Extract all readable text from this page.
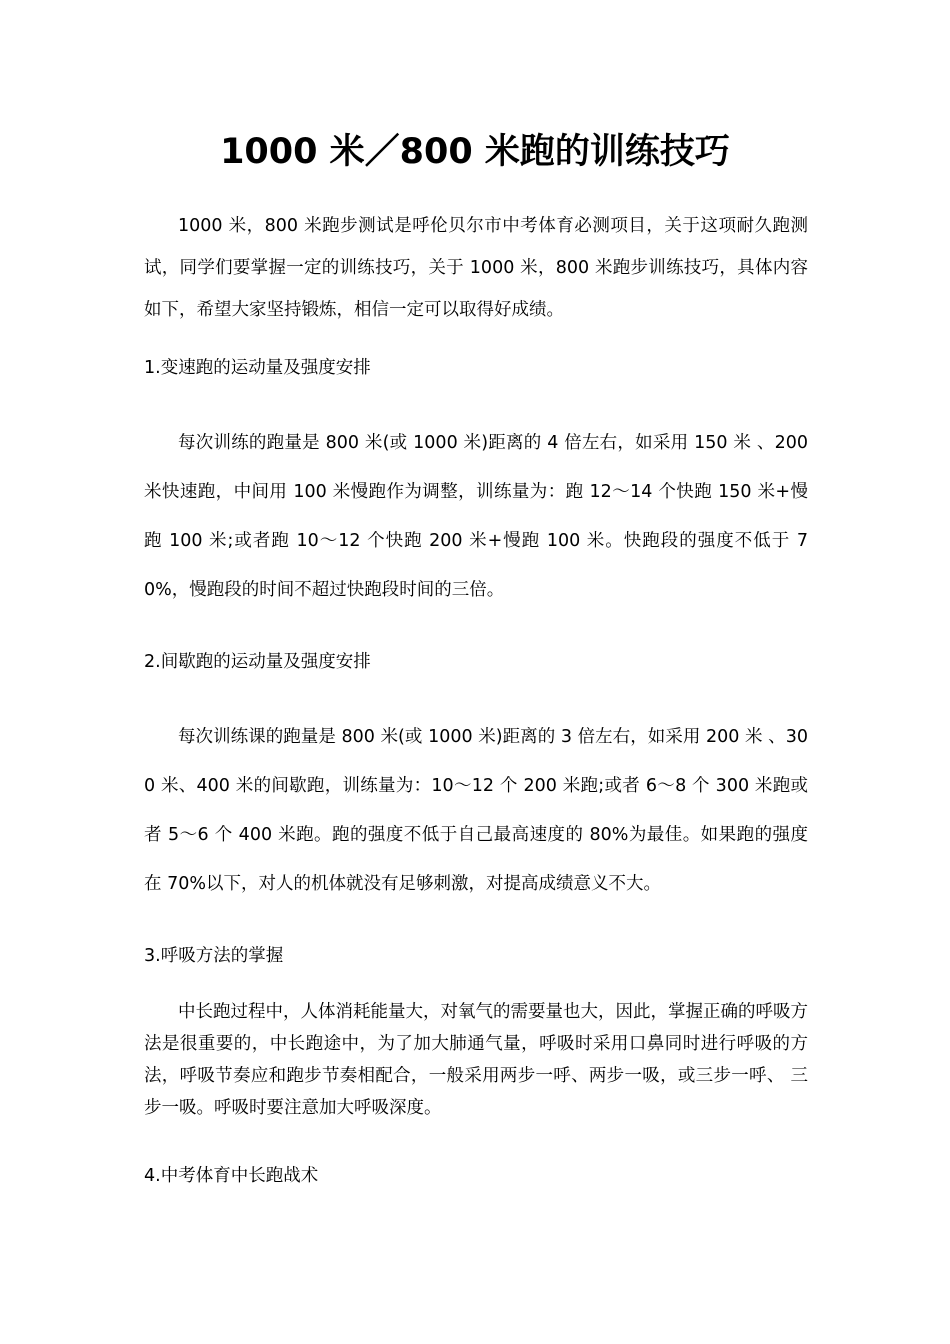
1000 米／800 米跑的训练技巧

1000 米，800 米跑步测试是呼伦贝尔市中考体育必测项目，关于这项耐久跑测试，同学们要掌握一定的训练技巧，关于 1000 米，800 米跑步训练技巧，具体内容如下，希望大家坚持锻炼，相信一定可以取得好成绩。

1.变速跑的运动量及强度安排

每次训练的跑量是 800 米(或 1000 米)距离的 4 倍左右，如采用 150 米 、200 米快速跑，中间用 100 米慢跑作为调整，训练量为：跑 12～14 个快跑 150 米+慢跑 100 米;或者跑 10～12 个快跑 200 米+慢跑 100 米。快跑段的强度不低于 70%，慢跑段的时间不超过快跑段时间的三倍。

2.间歇跑的运动量及强度安排

每次训练课的跑量是 800 米(或 1000 米)距离的 3 倍左右，如采用 200 米 、300 米、400 米的间歇跑，训练量为：10～12 个 200 米跑;或者 6～8 个 300 米跑或者 5～6 个 400 米跑。跑的强度不低于自己最高速度的 80%为最佳。如果跑的强度在 70%以下，对人的机体就没有足够刺激，对提高成绩意义不大。

3.呼吸方法的掌握

中长跑过程中，人体消耗能量大，对氧气的需要量也大，因此，掌握正确的呼吸方法是很重要的，中长跑途中，为了加大肺通气量，呼吸时采用口鼻同时进行呼吸的方法，呼吸节奏应和跑步节奏相配合，一般采用两步一呼、两步一吸，或三步一呼、 三步一吸。呼吸时要注意加大呼吸深度。

4.中考体育中长跑战术
